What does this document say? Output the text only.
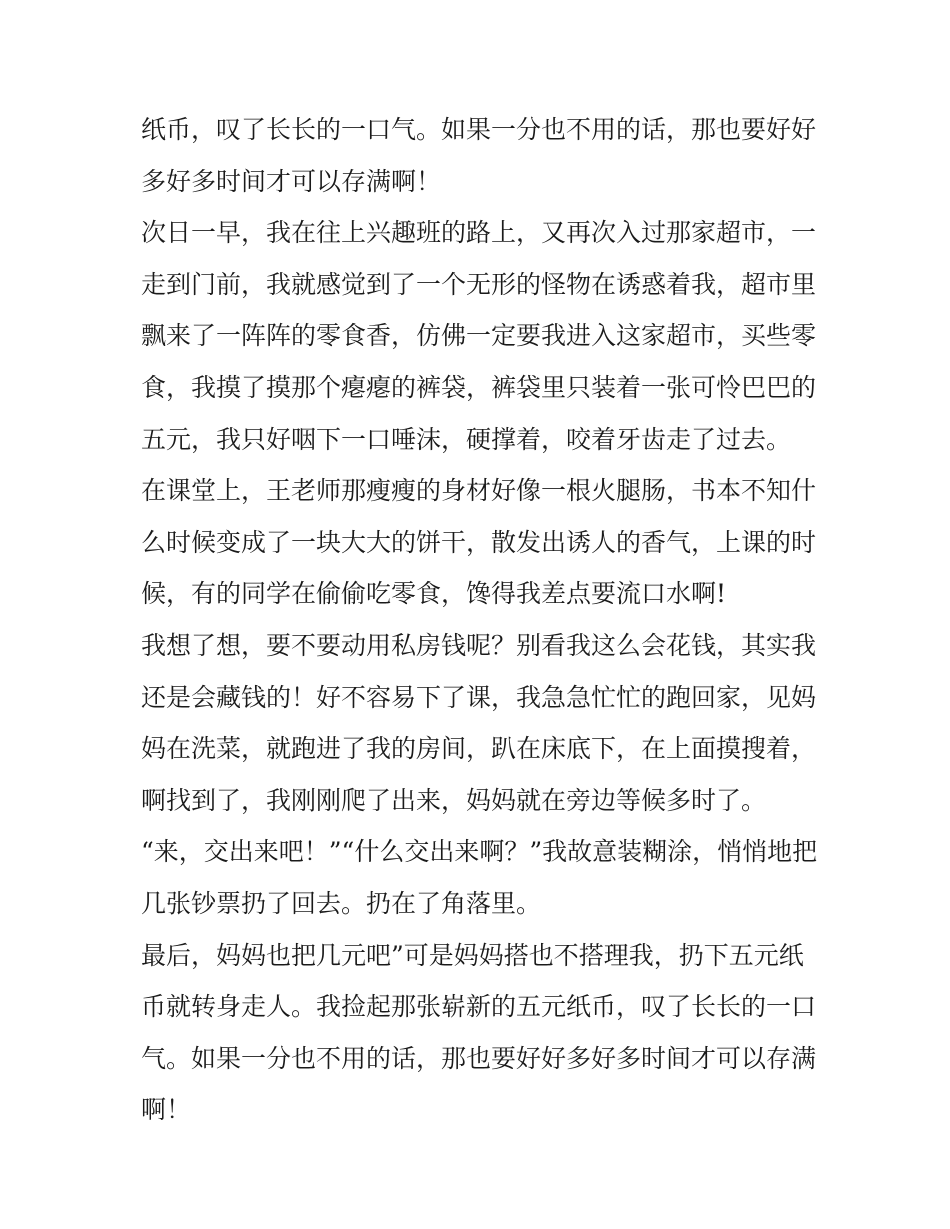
纸币，叹了长长的一口气。如果一分也不用的话，那也要好好
多好多时间才可以存满啊！
次日一早，我在往上兴趣班的路上，又再次入过那家超市，一
走到门前，我就感觉到了一个无形的怪物在诱惑着我，超市里
飘来了一阵阵的零食香，仿佛一定要我进入这家超市，买些零
食，我摸了摸那个瘪瘪的裤袋，裤袋里只装着一张可怜巴巴的
五元，我只好咽下一口唾沫，硬撑着，咬着牙齿走了过去。
在课堂上，王老师那瘦瘦的身材好像一根火腿肠，书本不知什
么时候变成了一块大大的饼干，散发出诱人的香气，上课的时
候，有的同学在偷偷吃零食，馋得我差点要流口水啊!
我想了想，要不要动用私房钱呢？别看我这么会花钱，其实我
还是会藏钱的！好不容易下了课，我急急忙忙的跑回家，见妈
妈在洗菜，就跑进了我的房间，趴在床底下，在上面摸搜着，
啊找到了，我刚刚爬了出来，妈妈就在旁边等候多时了。
“来，交出来吧！”“什么交出来啊？”我故意装糊涂，悄悄地把
几张钞票扔了回去。扔在了角落里。
最后，妈妈也把几元吧”可是妈妈搭也不搭理我，扔下五元纸
币就转身走人。我捡起那张崭新的五元纸币，叹了长长的一口
气。如果一分也不用的话，那也要好好多好多时间才可以存满
啊！
